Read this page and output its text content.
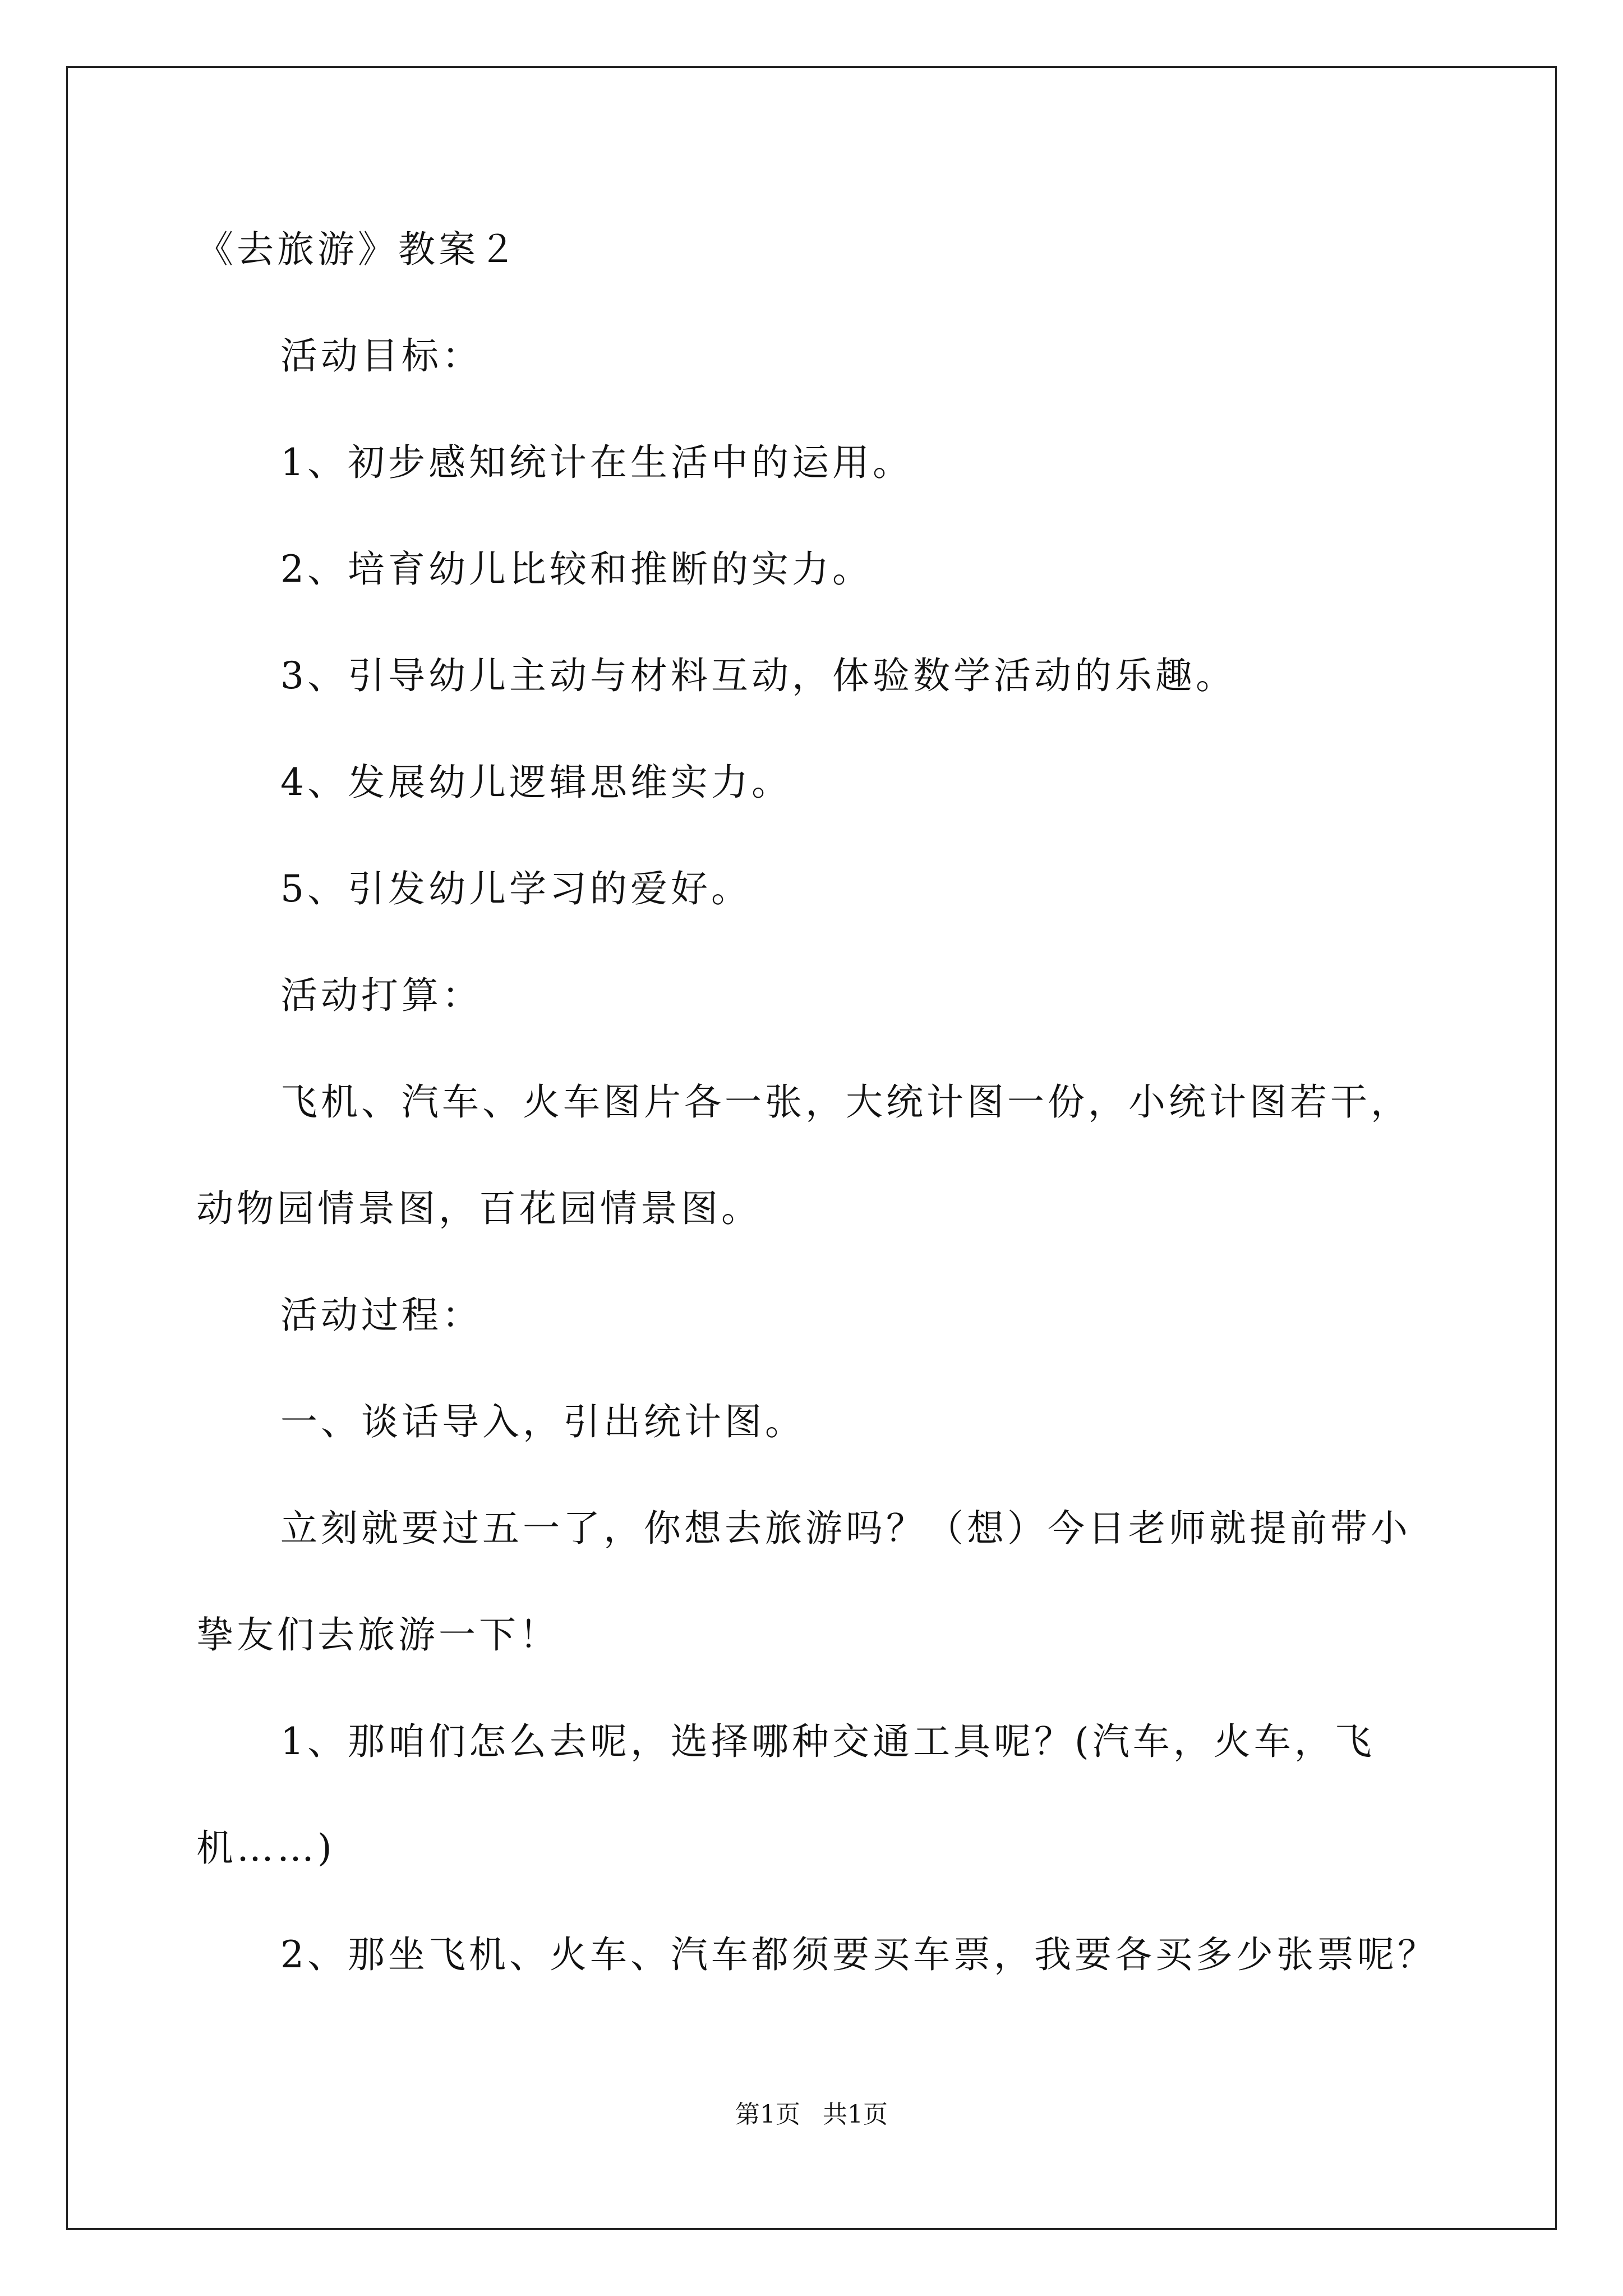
《去旅游》教案２
活动目标：
1、初步感知统计在生活中的运用。
2、培育幼儿比较和推断的实力。
3、引导幼儿主动与材料互动，体验数学活动的乐趣。
4、发展幼儿逻辑思维实力。
5、引发幼儿学习的爱好。
活动打算：
飞机、汽车、火车图片各一张，大统计图一份，小统计图若干，
动物园情景图，百花园情景图。
活动过程：
一、谈话导入，引出统计图。
立刻就要过五一了，你想去旅游吗？（想）今日老师就提前带小
挚友们去旅游一下！
1、那咱们怎么去呢，选择哪种交通工具呢？(汽车，火车，飞
机……)
2、那坐飞机、火车、汽车都须要买车票，我要各买多少张票呢？
第1页 共1页
